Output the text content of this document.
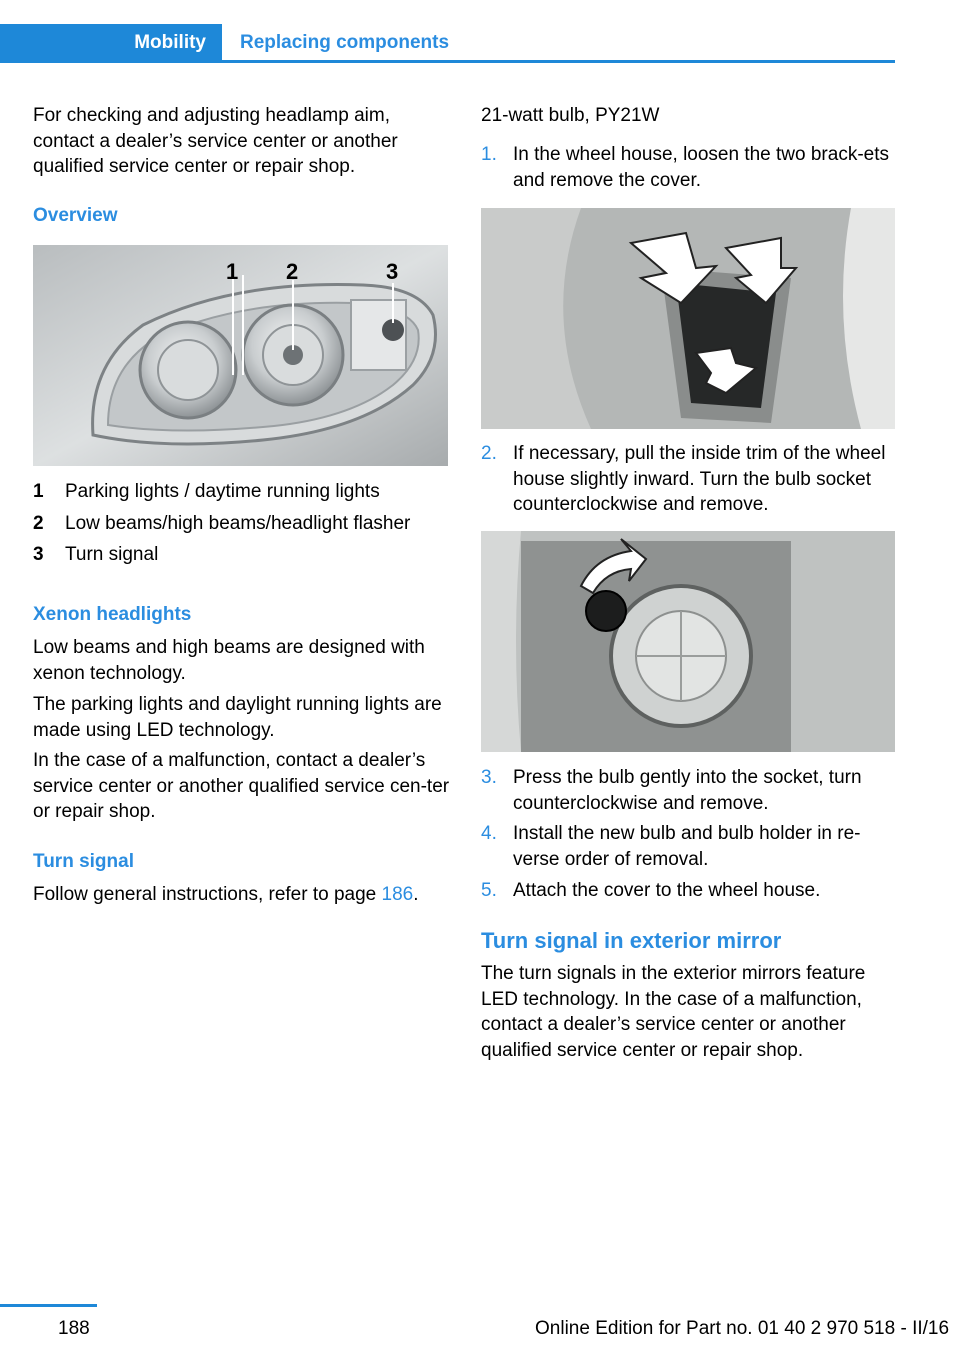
Mobility Replacing components
For checking and adjusting headlamp aim, contact a dealer’s service center or another qualified service center or repair shop.
Overview
1 2	3
1 Parking lights / daytime running lights
2 Low beams/high beams/headlight flasher
3 Turn signal
Xenon headlights
Low beams and high beams are designed with xenon technology.
The parking lights and daylight running lights are made using LED technology.
In the case of a malfunction, contact a dealer’s service center or another qualified service cen‐ter or repair shop.
Turn signal
Follow general instructions, refer to page 186.
21-watt bulb, PY21W
1. In the wheel house, loosen the two brack‐ets and remove the cover.
2. If necessary, pull the inside trim of the wheel house slightly inward. Turn the bulb socket counterclockwise and remove.
3. Press the bulb gently into the socket, turn counterclockwise and remove.
4. Install the new bulb and bulb holder in re‐verse order of removal.
5. Attach the cover to the wheel house.
Turn signal in exterior mirror
The turn signals in the exterior mirrors feature LED technology. In the case of a malfunction, contact a dealer’s service center or another qualified service center or repair shop.
188	Online Edition for Part no. 01 40 2 970 518 - II/16
